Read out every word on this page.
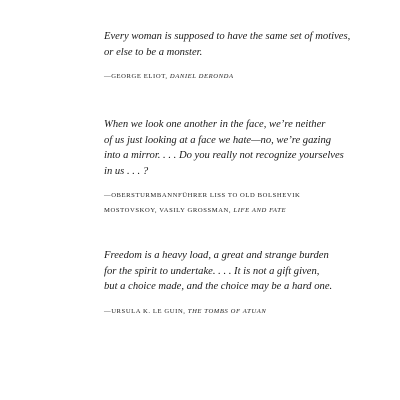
Every woman is supposed to have the same set of motives,
or else to be a monster.

—GEORGE ELIOT, DANIEL DERONDA

When we look one another in the face, we’re neither
of us just looking at a face we hate—no, we’re gazing
into a mirror. . . . Do you really not recognize yourselves
in us . . . ?

—OBERSTURMBANNFÜHRER LISS TO OLD BOLSHEVIK
MOSTOVSKOY, VASILY GROSSMAN, LIFE AND FATE

Freedom is a heavy load, a great and strange burden
for the spirit to undertake. . . . It is not a gift given,
but a choice made, and the choice may be a hard one.

—URSULA K. LE GUIN, THE TOMBS OF ATUAN
